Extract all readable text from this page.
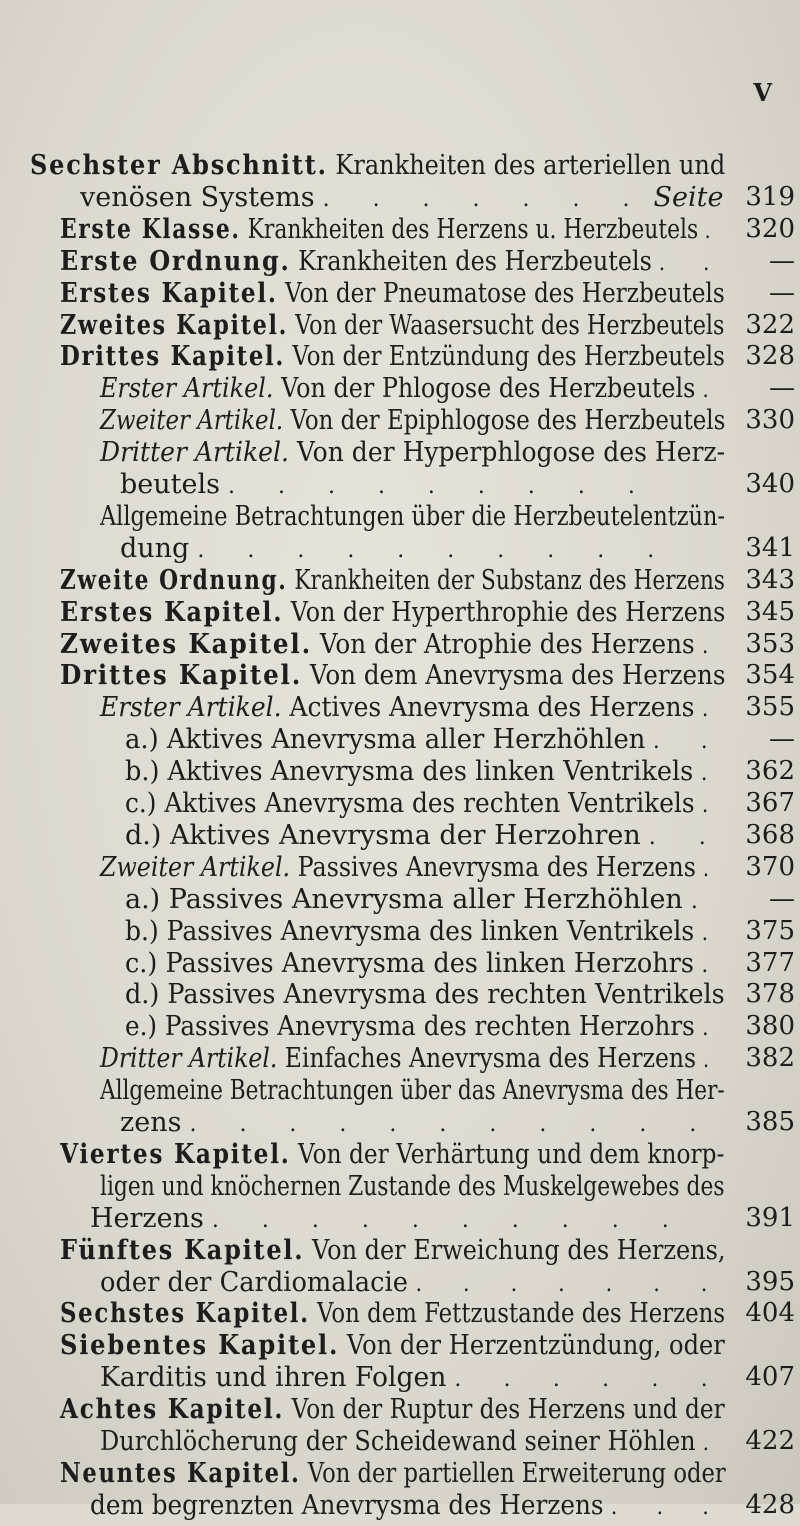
V
Sechster Abschnitt. Krankheiten des arteriellen und
venösen Systems . . . . . . . Seite 319
Erste Klasse. Krankheiten des Herzens u. Herzbeutels . 320
Erste Ordnung. Krankheiten des Herzbeutels . .	—
Erstes Kapitel. Von der Pneumatose des Herzbeutels	—
Zweites Kapitel. Von der Waasersucht des Herzbeutels 322
Drittes Kapitel. Von der Entzündung des Herzbeutels 328
Erster Artikel. Von der Phlogose des Herzbeutels .	—
Zweiter Artikel. Von der Epiphlogose des Herzbeutels 330
Dritter Artikel. Von der Hyperphlogose des Herz-
beutels . . . . . . . . .	340
Allgemeine Betrachtungen über die Herzbeutelentzün-
dung . . . . . . . . . .	341
Zweite Ordnung. Krankheiten der Substanz des Herzens 343
Erstes Kapitel. Von der Hyperthrophie des Herzens 345
Zweites Kapitel. Von der Atrophie des Herzens . 353
Drittes Kapitel. Von dem Anevrysma des Herzens 354
Erster Artikel. Actives Anevrysma des Herzens . 355
a.) Aktives Anevrysma aller Herzhöhlen . .	—
b.) Aktives Anevrysma des linken Ventrikels . 362
c.) Aktives Anevrysma des rechten Ventrikels . 367
d.) Aktives Anevrysma der Herzohren . . 368
Zweiter Artikel. Passives Anevrysma des Herzens . 370
a.) Passives Anevrysma aller Herzhöhlen .	—
b.) Passives Anevrysma des linken Ventrikels . 375
c.) Passives Anevrysma des linken Herzohrs . 377
d.) Passives Anevrysma des rechten Ventrikels 378
e.) Passives Anevrysma des rechten Herzohrs . 380
Dritter Artikel. Einfaches Anevrysma des Herzens . 382
Allgemeine Betrachtungen über das Anevrysma des Her-
zens . . . . . . . . . . .	385
Viertes Kapitel. Von der Verhärtung und dem knorp-
ligen und knöchernen Zustande des Muskelgewebes des
Herzens . . . . . . . . . .	391
Fünftes Kapitel. Von der Erweichung des Herzens,
oder der Cardiomalacie . . . . . . . 395
Sechstes Kapitel. Von dem Fettzustande des Herzens 404
Siebentes Kapitel. Von der Herzentzündung, oder
Karditis und ihren Folgen . . . . . . 407
Achtes Kapitel. Von der Ruptur des Herzens und der
Durchlöcherung der Scheidewand seiner Höhlen . 422
Neuntes Kapitel. Von der partiellen Erweiterung oder
dem begrenzten Anevrysma des Herzens . . . 428
